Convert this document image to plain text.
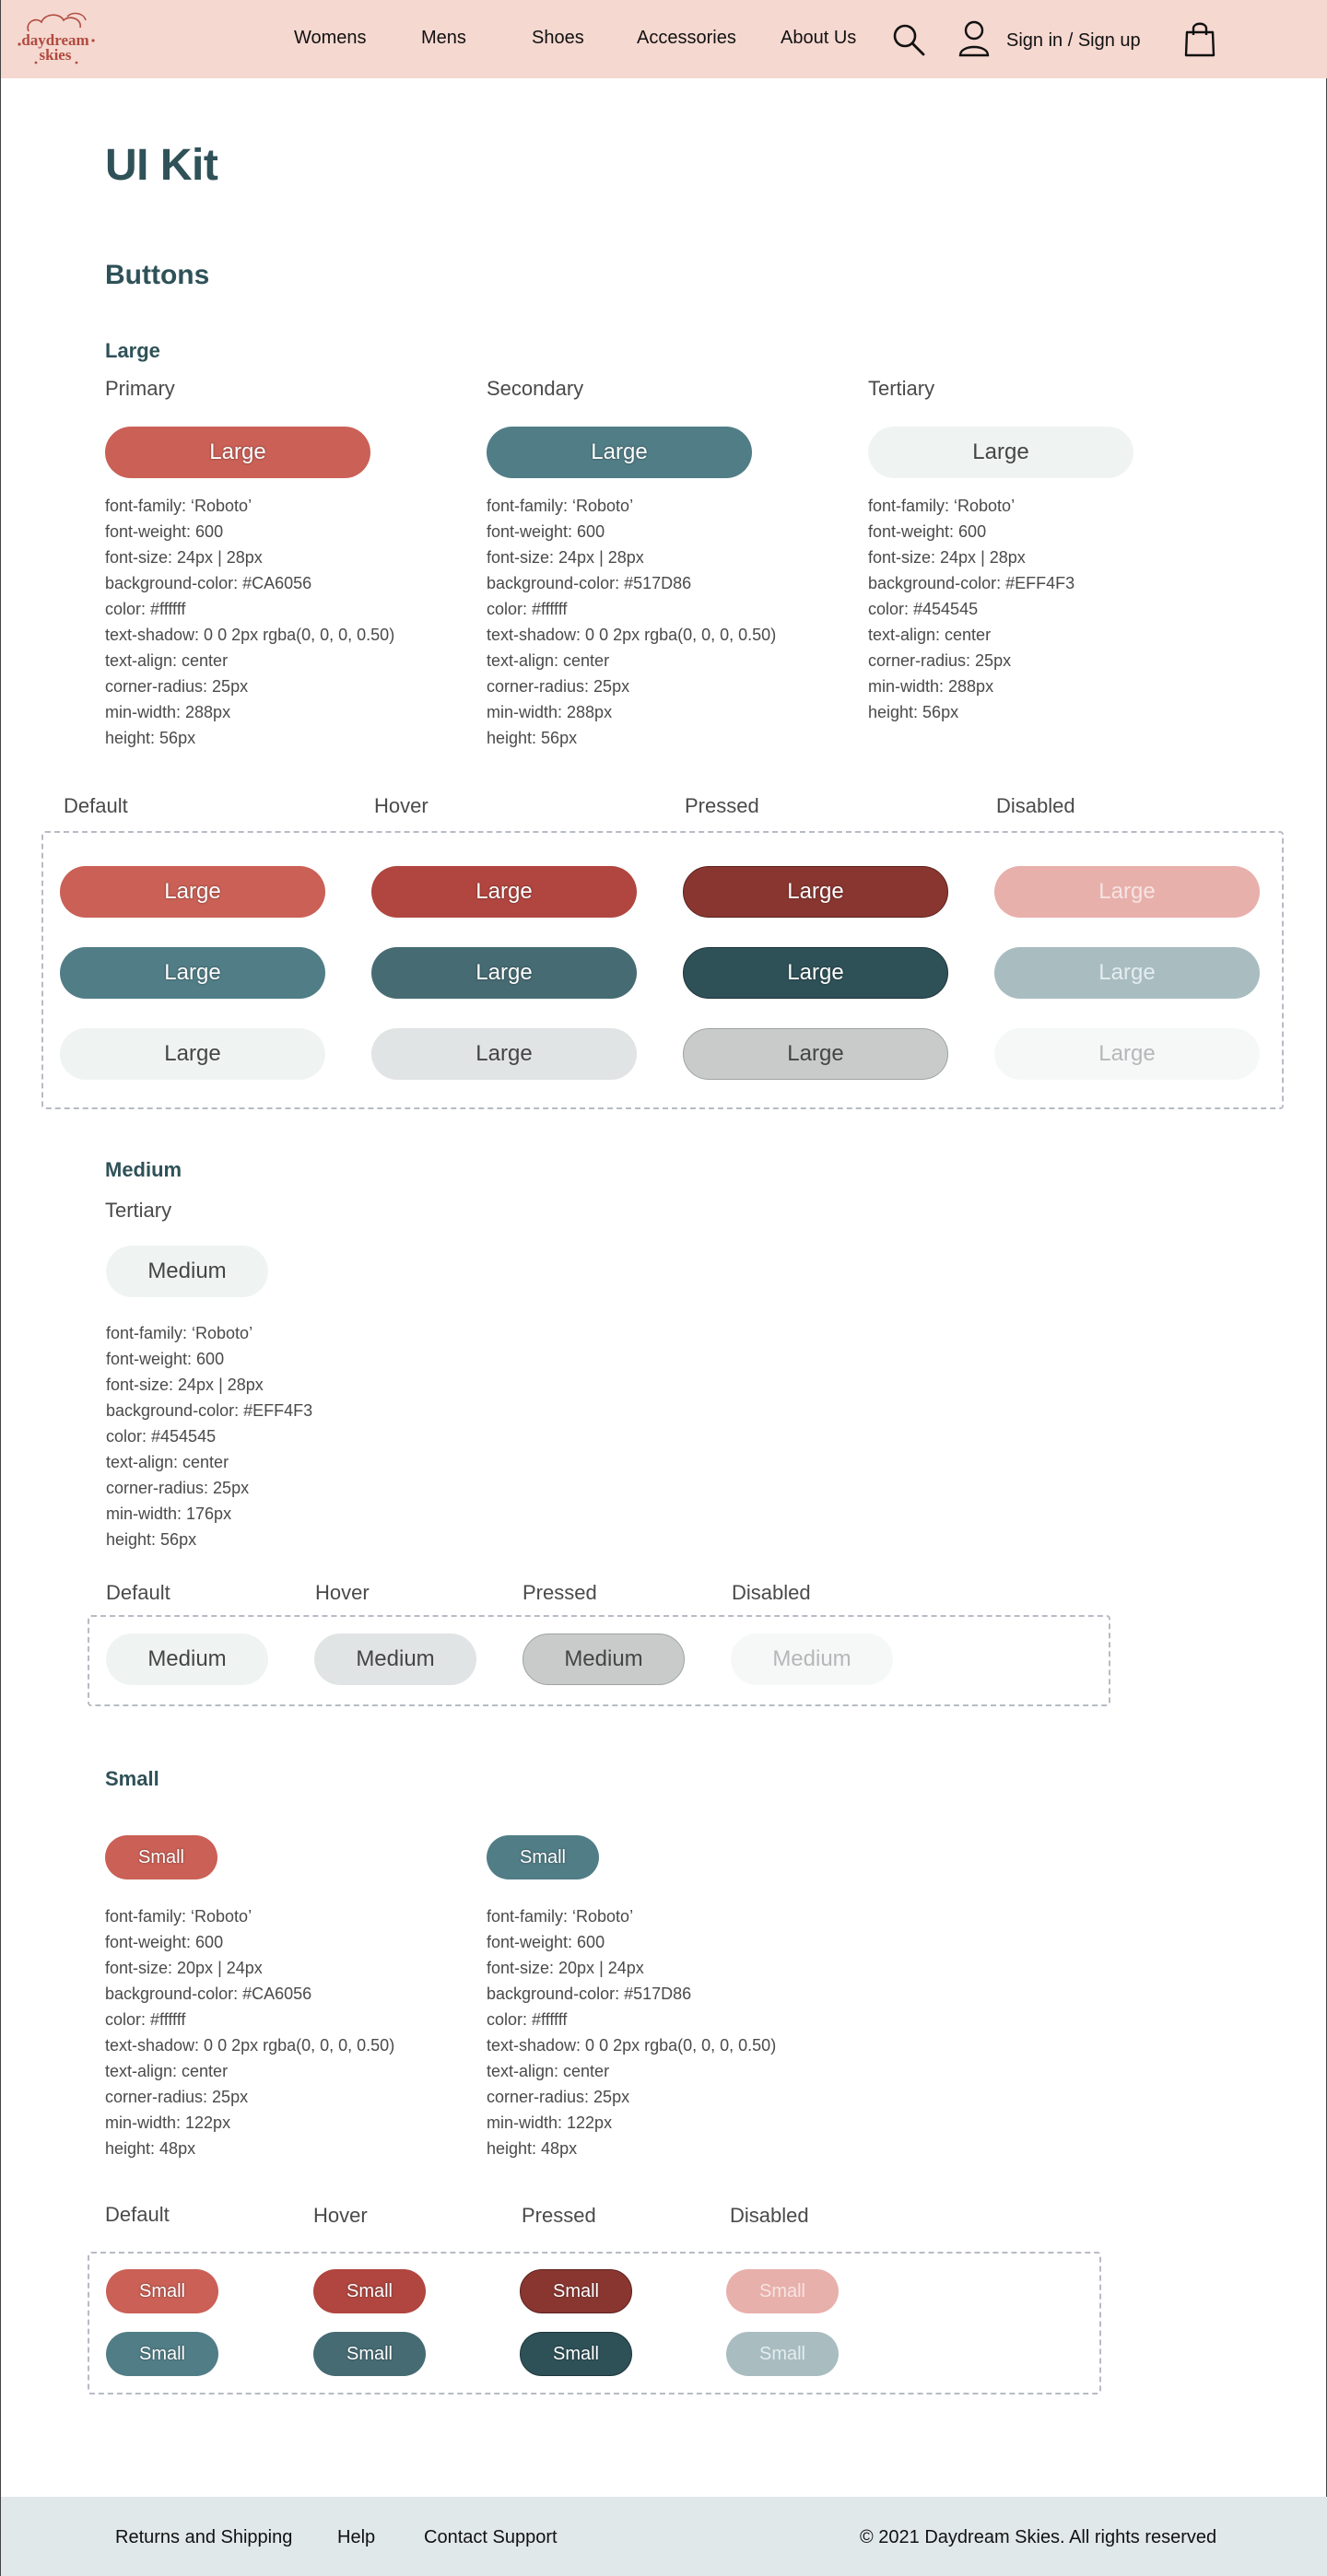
daydream skies
Womens	Mens	Shoes	Accessories About Us	Sign in / Sign up
UI Kit
Buttons
Large
Primary	Secondary	Tertiary
Large	Large	Large
font-family: ‘Roboto’
font-weight: 600
font-size: 24px | 28px
background-color: #CA6056
color: #ffffff
text-shadow: 0 0 2px rgba(0, 0, 0, 0.50)
text-align: center
corner-radius: 25px
min-width: 288px
height: 56px
font-family: ‘Roboto’
font-weight: 600
font-size: 24px | 28px
background-color: #517D86
color: #ffffff
text-shadow: 0 0 2px rgba(0, 0, 0, 0.50)
text-align: center
corner-radius: 25px
min-width: 288px
height: 56px
font-family: ‘Roboto’
font-weight: 600
font-size: 24px | 28px
background-color: #EFF4F3
color: #454545
text-align: center
corner-radius: 25px
min-width: 288px
height: 56px
Default	Hover	Pressed	Disabled
Large	Large	Large	Large
Large	Large	Large	Large
Large	Large	Large	Large
Medium
Tertiary
Medium
font-family: ‘Roboto’
font-weight: 600
font-size: 24px | 28px
background-color: #EFF4F3
color: #454545
text-align: center
corner-radius: 25px
min-width: 176px
height: 56px
Default	Hover	Pressed	Disabled
Medium	Medium	Medium	Medium
Small
Small	Small
font-family: ‘Roboto’
font-weight: 600
font-size: 20px | 24px
background-color: #CA6056
color: #ffffff
text-shadow: 0 0 2px rgba(0, 0, 0, 0.50)
text-align: center
corner-radius: 25px
min-width: 122px
height: 48px
font-family: ‘Roboto’
font-weight: 600
font-size: 20px | 24px
background-color: #517D86
color: #ffffff
text-shadow: 0 0 2px rgba(0, 0, 0, 0.50)
text-align: center
corner-radius: 25px
min-width: 122px
height: 48px
Default	Hover	Pressed	Disabled
Small	Small	Small	Small
Small	Small	Small	Small
Returns and Shipping Help	Contact Support	© 2021 Daydream Skies. All rights reserved
